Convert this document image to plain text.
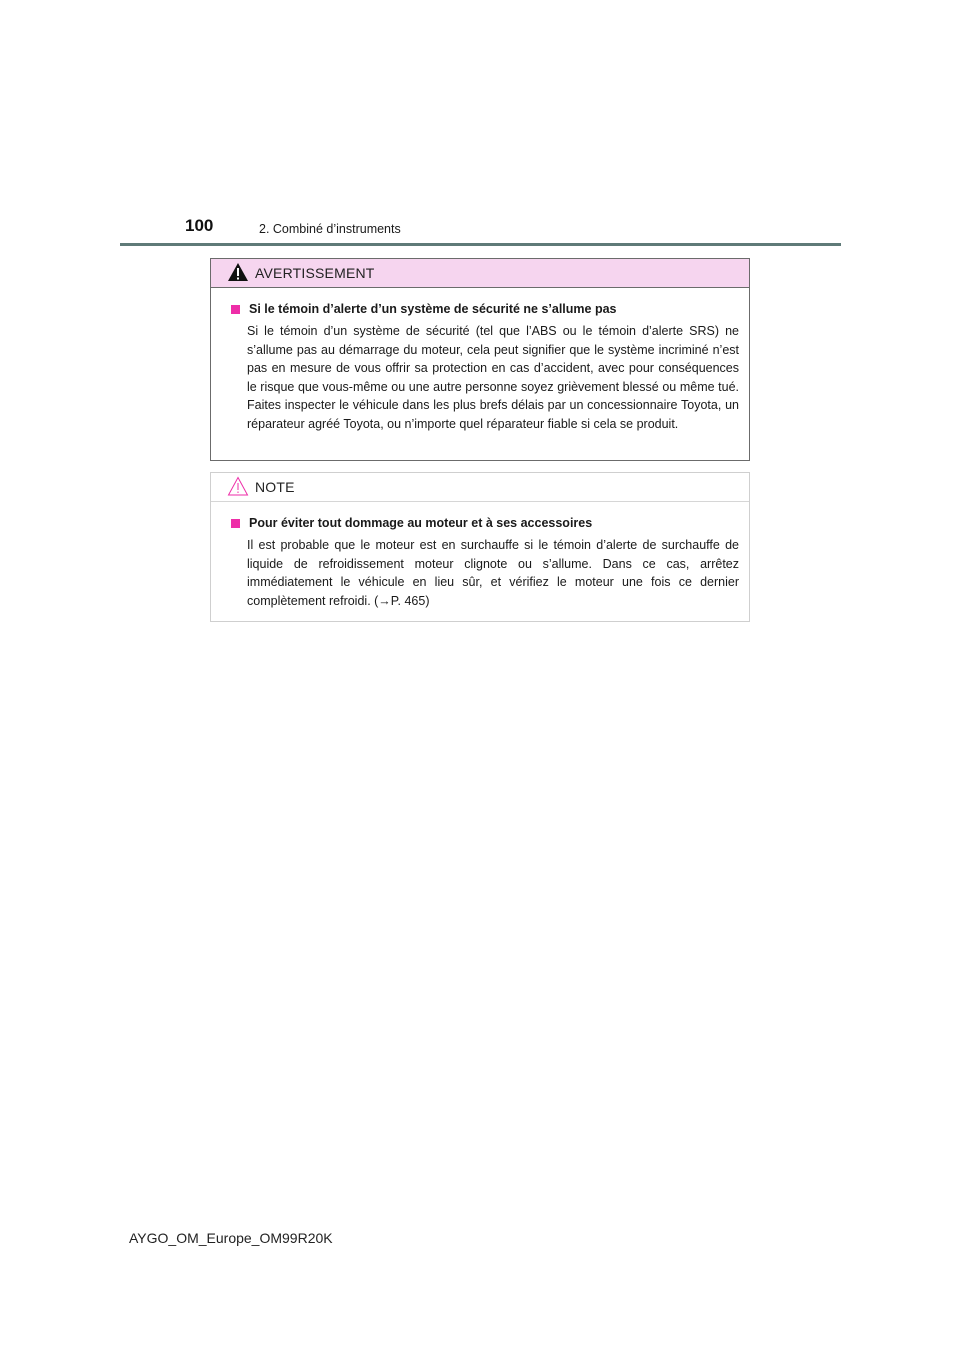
100	2. Combiné d’instruments
AVERTISSEMENT
Si le témoin d’alerte d’un système de sécurité ne s’allume pas
Si le témoin d’un système de sécurité (tel que l’ABS ou le témoin d’alerte SRS) ne s’allume pas au démarrage du moteur, cela peut signifier que le système incriminé n’est pas en mesure de vous offrir sa protection en cas d’accident, avec pour conséquences le risque que vous-même ou une autre personne soyez grièvement blessé ou même tué. Faites inspecter le véhicule dans les plus brefs délais par un concessionnaire Toyota, un réparateur agréé Toyota, ou n’importe quel réparateur fiable si cela se produit.
NOTE
Pour éviter tout dommage au moteur et à ses accessoires
Il est probable que le moteur est en surchauffe si le témoin d’alerte de surchauffe de liquide de refroidissement moteur clignote ou s’allume. Dans ce cas, arrêtez immédiatement le véhicule en lieu sûr, et vérifiez le moteur une fois ce dernier complètement refroidi. (→P. 465)
AYGO_OM_Europe_OM99R20K
